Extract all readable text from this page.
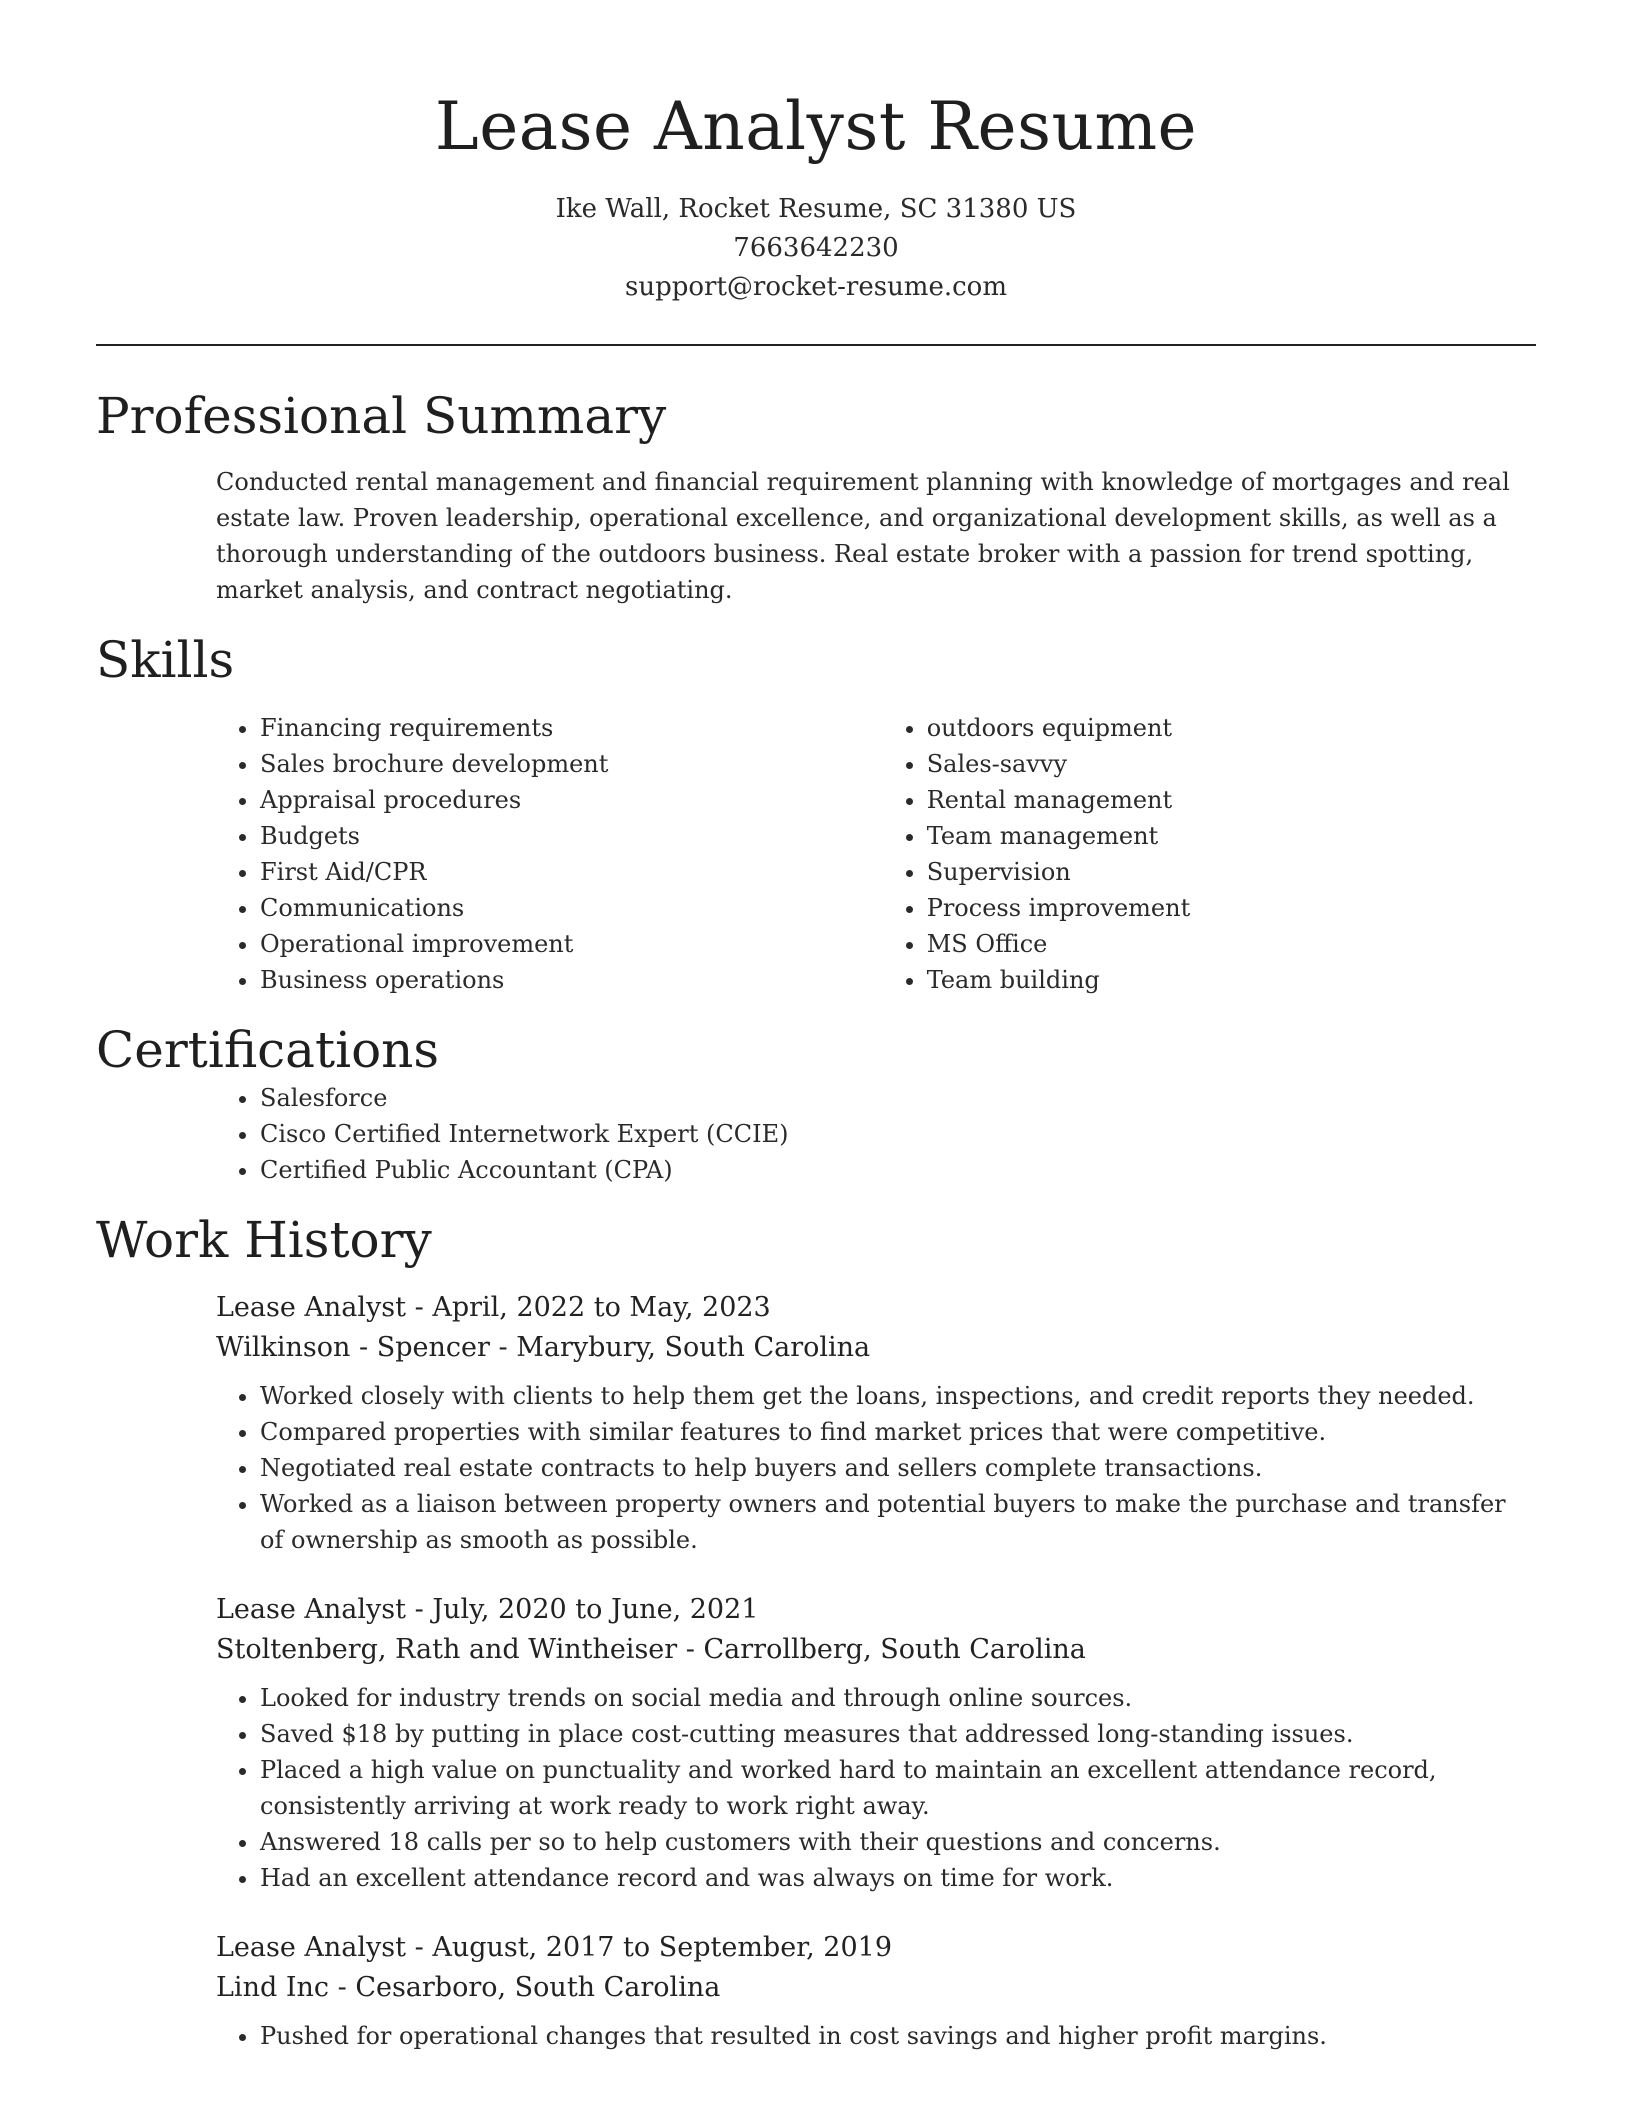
Lease Analyst Resume
Ike Wall, Rocket Resume, SC 31380 US
7663642230
support@rocket-resume.com
Professional Summary

Conducted rental management and financial requirement planning with knowledge of mortgages and real estate law. Proven leadership, operational excellence, and organizational development skills, as well as a thorough understanding of the outdoors business. Real estate broker with a passion for trend spotting, market analysis, and contract negotiating.

Skills
• Financing requirements
• Sales brochure development
• Appraisal procedures
• Budgets
• First Aid/CPR
• Communications
• Operational improvement
• Business operations
• outdoors equipment
• Sales-savvy
• Rental management
• Team management
• Supervision
• Process improvement
• MS Office
• Team building
Certifications
• Salesforce
• Cisco Certified Internetwork Expert (CCIE)
• Certified Public Accountant (CPA)
Work History
Lease Analyst - April, 2022 to May, 2023
Wilkinson - Spencer - Marybury, South Carolina
• Worked closely with clients to help them get the loans, inspections, and credit reports they needed.
• Compared properties with similar features to find market prices that were competitive.
• Negotiated real estate contracts to help buyers and sellers complete transactions.
• Worked as a liaison between property owners and potential buyers to make the purchase and transfer of ownership as smooth as possible.
Lease Analyst - July, 2020 to June, 2021
Stoltenberg, Rath and Wintheiser - Carrollberg, South Carolina
• Looked for industry trends on social media and through online sources.
• Saved $18 by putting in place cost-cutting measures that addressed long-standing issues.
• Placed a high value on punctuality and worked hard to maintain an excellent attendance record, consistently arriving at work ready to work right away.
• Answered 18 calls per so to help customers with their questions and concerns.
• Had an excellent attendance record and was always on time for work.
Lease Analyst - August, 2017 to September, 2019
Lind Inc - Cesarboro, South Carolina
• Pushed for operational changes that resulted in cost savings and higher profit margins.
